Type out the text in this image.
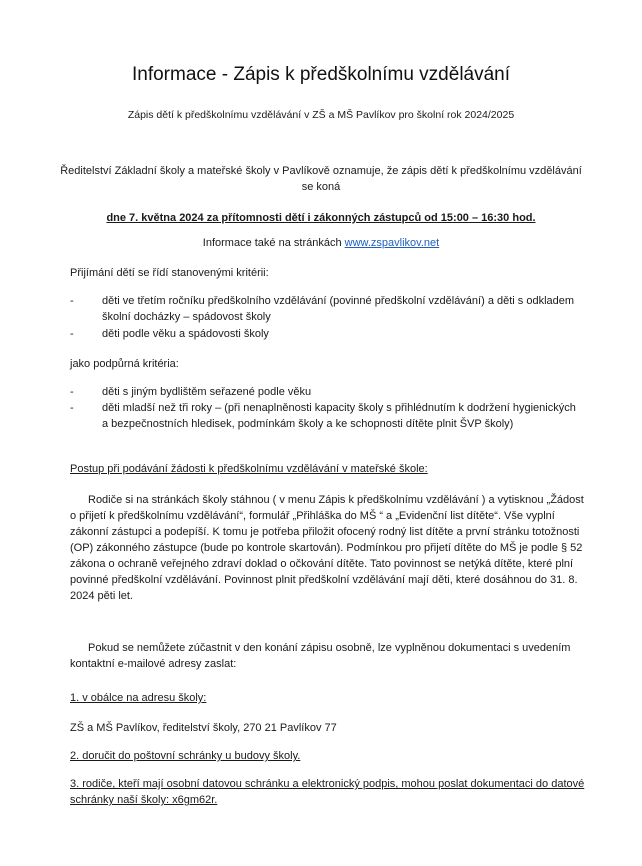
Informace - Zápis k předškolnímu vzdělávání
Zápis dětí k předškolnímu vzdělávání v ZŠ a MŠ Pavlíkov pro školní rok 2024/2025
Ředitelství Základní školy a mateřské školy v Pavlíkově oznamuje, že zápis dětí k předškolnímu vzdělávání se koná
dne 7. května 2024 za přítomnosti dětí i zákonných zástupců od 15:00 – 16:30 hod.
Informace také na stránkách www.zspavlikov.net
Přijímání dětí se řídí stanovenými kritérii:
-	děti ve třetím ročníku předškolního vzdělávání (povinné předškolní vzdělávání) a děti s odkladem školní docházky – spádovost školy
-	děti podle věku a spádovosti školy
jako podpůrná kritéria:
-	děti s jiným bydlištěm seřazené podle věku
-	děti mladší než tři roky – (při nenaplněnosti kapacity školy s přihlédnutím k dodržení hygienických a bezpečnostních hledisek, podmínkám školy a ke schopnosti dítěte plnit ŠVP školy)
Postup při podávání žádosti k předškolnímu vzdělávání v mateřské škole:
Rodiče si na stránkách školy stáhnou ( v menu Zápis k předškolnímu vzdělávání ) a vytisknou „Žádost o přijetí k předškolnímu vzdělávání“, formulář „Přihláška do MŠ “ a „Evidenční list dítěte“. Vše vyplní zákonní zástupci a podepíší. K tomu je potřeba přiložit ofocený rodný list dítěte a první stránku totožnosti (OP) zákonného zástupce (bude po kontrole skartován). Podmínkou pro přijetí dítěte do MŠ je podle § 52 zákona o ochraně veřejného zdraví doklad o očkování dítěte. Tato povinnost se netýká dítěte, které plní povinné předškolní vzdělávání. Povinnost plnit předškolní vzdělávání mají děti, které dosáhnou do 31. 8. 2024 pěti let.
Pokud se nemůžete zúčastnit v den konání zápisu osobně, lze vyplněnou dokumentaci s uvedením kontaktní e-mailové adresy zaslat:
1. v obálce na adresu školy:
ZŠ a MŠ Pavlíkov, ředitelství školy, 270 21 Pavlíkov 77
2. doručit do poštovní schránky u budovy školy.
3. rodiče, kteří mají osobní datovou schránku a elektronický podpis, mohou poslat dokumentaci do datové schránky naší školy: x6gm62r.
